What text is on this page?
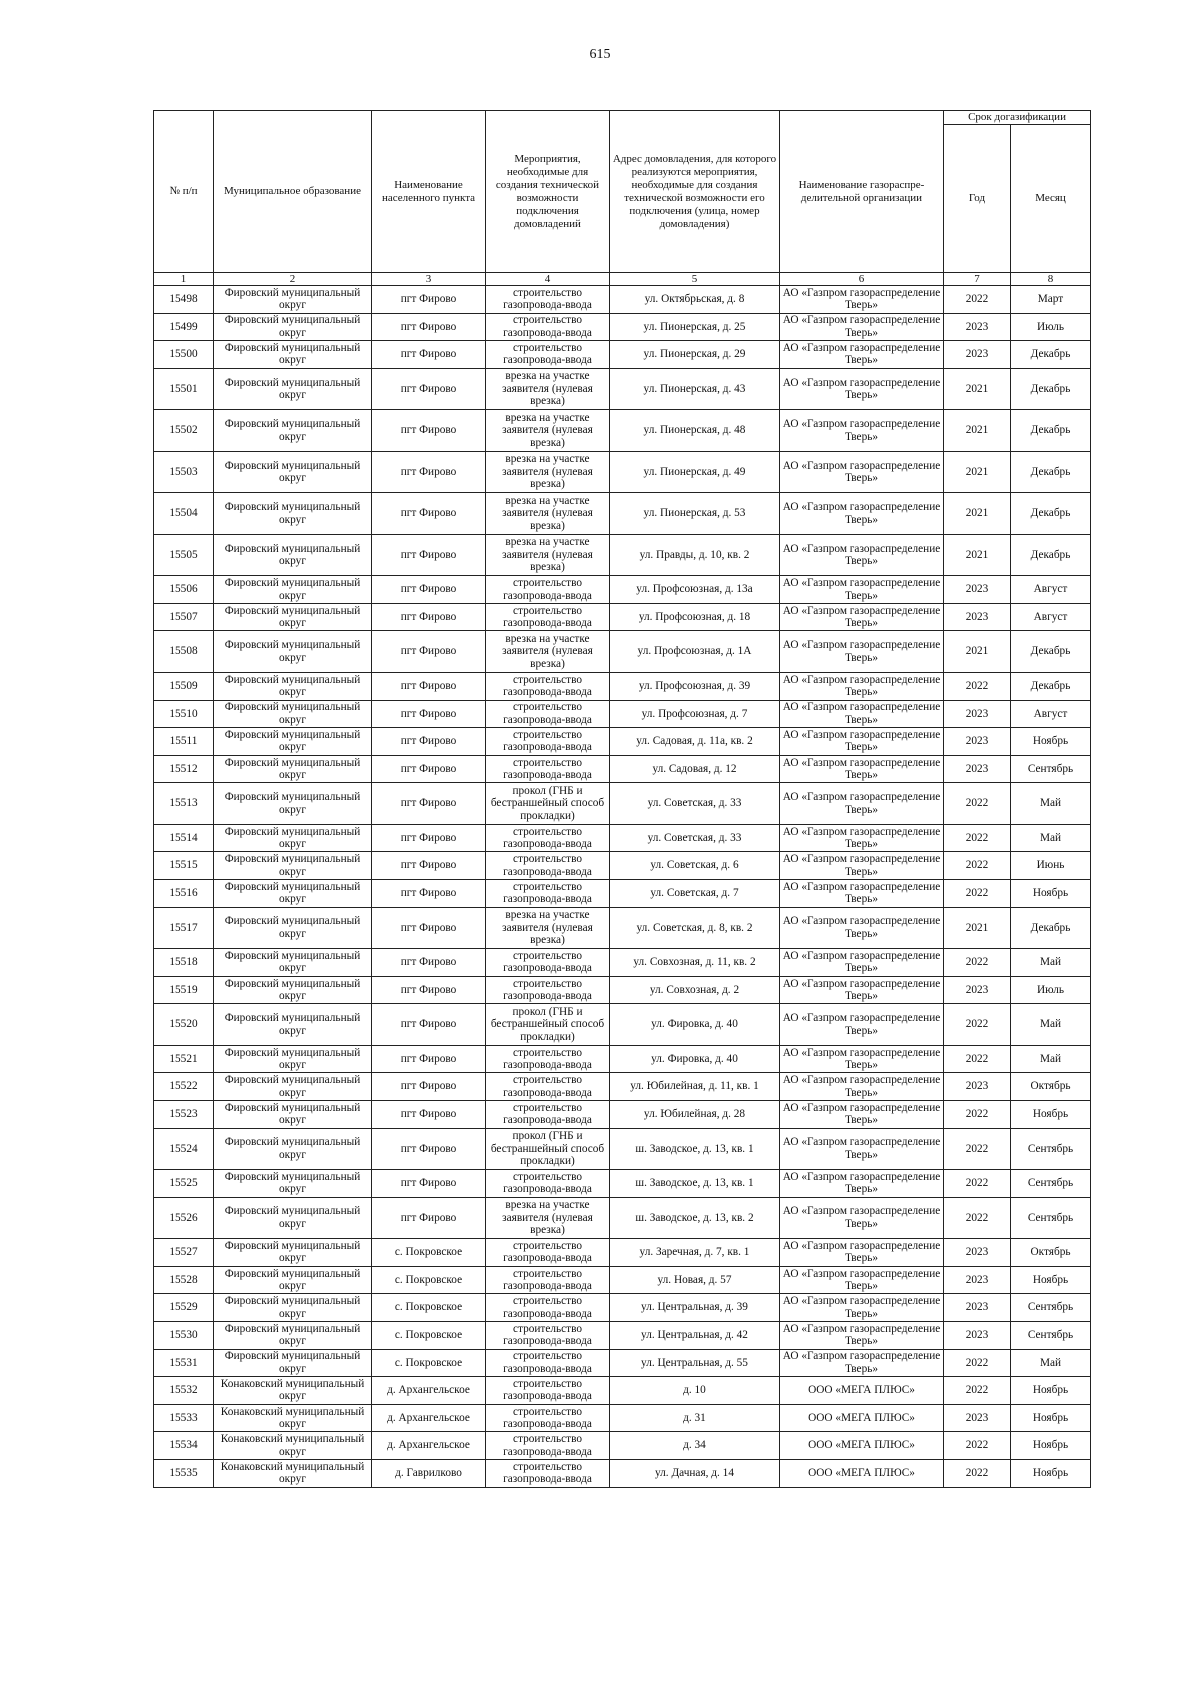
615
№ п/п	Муниципальное образование	Наименование населенного пункта	Мероприятия, необходимые для создания технической возможности подключения домовладений	Адрес домовладения, для которого реализуются мероприятия, необходимые для создания технической возможности его подключения (улица, номер домовладения)	Наименование газораспре-делительной организации	Срок догазификации	
						Год	Месяц
1	2	3	4	5	6	7	8
15498	Фировский муниципальный округ	пгт Фирово	строительство газопровода-ввода	ул. Октябрьская, д. 8	АО «Газпром газораспределение Тверь»	2022	Март
15499	Фировский муниципальный округ	пгт Фирово	строительство газопровода-ввода	ул. Пионерская, д. 25	АО «Газпром газораспределение Тверь»	2023	Июль
15500	Фировский муниципальный округ	пгт Фирово	строительство газопровода-ввода	ул. Пионерская, д. 29	АО «Газпром газораспределение Тверь»	2023	Декабрь
15501	Фировский муниципальный округ	пгт Фирово	врезка на участке заявителя (нулевая врезка)	ул. Пионерская, д. 43	АО «Газпром газораспределение Тверь»	2021	Декабрь
15502	Фировский муниципальный округ	пгт Фирово	врезка на участке заявителя (нулевая врезка)	ул. Пионерская, д. 48	АО «Газпром газораспределение Тверь»	2021	Декабрь
15503	Фировский муниципальный округ	пгт Фирово	врезка на участке заявителя (нулевая врезка)	ул. Пионерская, д. 49	АО «Газпром газораспределение Тверь»	2021	Декабрь
15504	Фировский муниципальный округ	пгт Фирово	врезка на участке заявителя (нулевая врезка)	ул. Пионерская, д. 53	АО «Газпром газораспределение Тверь»	2021	Декабрь
15505	Фировский муниципальный округ	пгт Фирово	врезка на участке заявителя (нулевая врезка)	ул. Правды, д. 10, кв. 2	АО «Газпром газораспределение Тверь»	2021	Декабрь
15506	Фировский муниципальный округ	пгт Фирово	строительство газопровода-ввода	ул. Профсоюзная, д. 13а	АО «Газпром газораспределение Тверь»	2023	Август
15507	Фировский муниципальный округ	пгт Фирово	строительство газопровода-ввода	ул. Профсоюзная, д. 18	АО «Газпром газораспределение Тверь»	2023	Август
15508	Фировский муниципальный округ	пгт Фирово	врезка на участке заявителя (нулевая врезка)	ул. Профсоюзная, д. 1А	АО «Газпром газораспределение Тверь»	2021	Декабрь
15509	Фировский муниципальный округ	пгт Фирово	строительство газопровода-ввода	ул. Профсоюзная, д. 39	АО «Газпром газораспределение Тверь»	2022	Декабрь
15510	Фировский муниципальный округ	пгт Фирово	строительство газопровода-ввода	ул. Профсоюзная, д. 7	АО «Газпром газораспределение Тверь»	2023	Август
15511	Фировский муниципальный округ	пгт Фирово	строительство газопровода-ввода	ул. Садовая, д. 11а, кв. 2	АО «Газпром газораспределение Тверь»	2023	Ноябрь
15512	Фировский муниципальный округ	пгт Фирово	строительство газопровода-ввода	ул. Садовая, д. 12	АО «Газпром газораспределение Тверь»	2023	Сентябрь
15513	Фировский муниципальный округ	пгт Фирово	прокол (ГНБ и бестраншейный способ прокладки)	ул. Советская, д. 33	АО «Газпром газораспределение Тверь»	2022	Май
15514	Фировский муниципальный округ	пгт Фирово	строительство газопровода-ввода	ул. Советская, д. 33	АО «Газпром газораспределение Тверь»	2022	Май
15515	Фировский муниципальный округ	пгт Фирово	строительство газопровода-ввода	ул. Советская, д. 6	АО «Газпром газораспределение Тверь»	2022	Июнь
15516	Фировский муниципальный округ	пгт Фирово	строительство газопровода-ввода	ул. Советская, д. 7	АО «Газпром газораспределение Тверь»	2022	Ноябрь
15517	Фировский муниципальный округ	пгт Фирово	врезка на участке заявителя (нулевая врезка)	ул. Советская, д. 8, кв. 2	АО «Газпром газораспределение Тверь»	2021	Декабрь
15518	Фировский муниципальный округ	пгт Фирово	строительство газопровода-ввода	ул. Совхозная, д. 11, кв. 2	АО «Газпром газораспределение Тверь»	2022	Май
15519	Фировский муниципальный округ	пгт Фирово	строительство газопровода-ввода	ул. Совхозная, д. 2	АО «Газпром газораспределение Тверь»	2023	Июль
15520	Фировский муниципальный округ	пгт Фирово	прокол (ГНБ и бестраншейный способ прокладки)	ул. Фировка, д. 40	АО «Газпром газораспределение Тверь»	2022	Май
15521	Фировский муниципальный округ	пгт Фирово	строительство газопровода-ввода	ул. Фировка, д. 40	АО «Газпром газораспределение Тверь»	2022	Май
15522	Фировский муниципальный округ	пгт Фирово	строительство газопровода-ввода	ул. Юбилейная, д. 11, кв. 1	АО «Газпром газораспределение Тверь»	2023	Октябрь
15523	Фировский муниципальный округ	пгт Фирово	строительство газопровода-ввода	ул. Юбилейная, д. 28	АО «Газпром газораспределение Тверь»	2022	Ноябрь
15524	Фировский муниципальный округ	пгт Фирово	прокол (ГНБ и бестраншейный способ прокладки)	ш. Заводское, д. 13, кв. 1	АО «Газпром газораспределение Тверь»	2022	Сентябрь
15525	Фировский муниципальный округ	пгт Фирово	строительство газопровода-ввода	ш. Заводское, д. 13, кв. 1	АО «Газпром газораспределение Тверь»	2022	Сентябрь
15526	Фировский муниципальный округ	пгт Фирово	врезка на участке заявителя (нулевая врезка)	ш. Заводское, д. 13, кв. 2	АО «Газпром газораспределение Тверь»	2022	Сентябрь
15527	Фировский муниципальный округ	с. Покровское	строительство газопровода-ввода	ул. Заречная, д. 7, кв. 1	АО «Газпром газораспределение Тверь»	2023	Октябрь
15528	Фировский муниципальный округ	с. Покровское	строительство газопровода-ввода	ул. Новая, д. 57	АО «Газпром газораспределение Тверь»	2023	Ноябрь
15529	Фировский муниципальный округ	с. Покровское	строительство газопровода-ввода	ул. Центральная, д. 39	АО «Газпром газораспределение Тверь»	2023	Сентябрь
15530	Фировский муниципальный округ	с. Покровское	строительство газопровода-ввода	ул. Центральная, д. 42	АО «Газпром газораспределение Тверь»	2023	Сентябрь
15531	Фировский муниципальный округ	с. Покровское	строительство газопровода-ввода	ул. Центральная, д. 55	АО «Газпром газораспределение Тверь»	2022	Май
15532	Конаковский муниципальный округ	д. Архангельское	строительство газопровода-ввода	д. 10	ООО «МЕГА ПЛЮС»	2022	Ноябрь
15533	Конаковский муниципальный округ	д. Архангельское	строительство газопровода-ввода	д. 31	ООО «МЕГА ПЛЮС»	2023	Ноябрь
15534	Конаковский муниципальный округ	д. Архангельское	строительство газопровода-ввода	д. 34	ООО «МЕГА ПЛЮС»	2022	Ноябрь
15535	Конаковский муниципальный округ	д. Гаврилково	строительство газопровода-ввода	ул. Дачная, д. 14	ООО «МЕГА ПЛЮС»	2022	Ноябрь
